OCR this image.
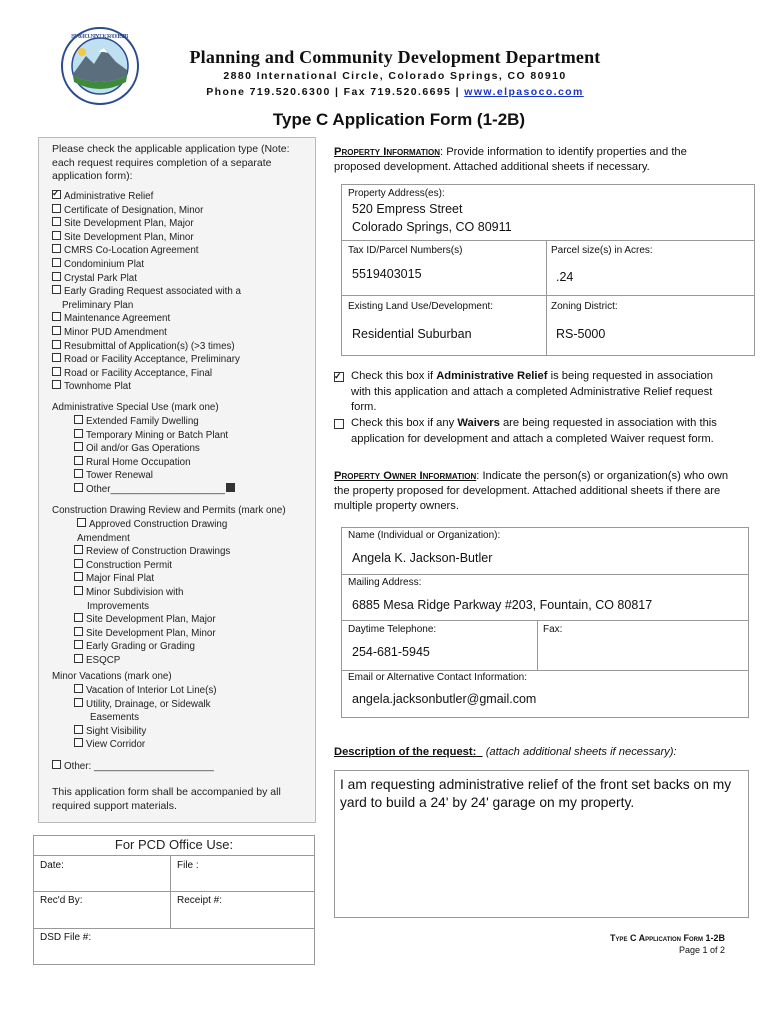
EL PASO COUNTY COLORADO EST. 1861
Planning and Community Development Department
2880 International Circle, Colorado Springs, CO 80910
Phone 719.520.6300 | Fax 719.520.6695 | www.elpasoco.com
Type C Application Form (1-2B)
Please check the applicable application type (Note: each request requires completion of a separate application form):
✓Administrative Relief
Certificate of Designation, Minor
Site Development Plan, Major
Site Development Plan, Minor
CMRS Co-Location Agreement
Condominium Plat
Crystal Park Plat
Early Grading Request associated with a Preliminary Plan
Maintenance Agreement
Minor PUD Amendment
Resubmittal of Application(s) (>3 times)
Road or Facility Acceptance, Preliminary
Road or Facility Acceptance, Final
Townhome Plat
Administrative Special Use (mark one)
Extended Family Dwelling
Temporary Mining or Batch Plant
Oil and/or Gas Operations
Rural Home Occupation
Tower Renewal
Other_____________________
Construction Drawing Review and Permits (mark one)
Approved Construction Drawing Amendment
Review of Construction Drawings
Construction Permit
Major Final Plat
Minor Subdivision with Improvements
Site Development Plan, Major
Site Development Plan, Minor
Early Grading or Grading
ESQCP
Minor Vacations (mark one)
Vacation of Interior Lot Line(s)
Utility, Drainage, or Sidewalk Easements
Sight Visibility
View Corridor
Other: ______________________
This application form shall be accompanied by all required support materials.
For PCD Office Use:
Date:	File :
Rec'd By:	Receipt #:
DSD File #:
Property Information: Provide information to identify properties and the proposed development. Attached additional sheets if necessary.
Property Address(es):
520 Empress Street
Colorado Springs, CO 80911
Tax ID/Parcel Numbers(s)
5519403015
Parcel size(s) in Acres:
.24
Existing Land Use/Development:
Residential Suburban
Zoning District:
RS-5000
✓
Check this box if Administrative Relief is being requested in association with this application and attach a completed Administrative Relief request form.
Check this box if any Waivers are being requested in association with this application for development and attach a completed Waiver request form.
Property Owner Information: Indicate the person(s) or organization(s) who own the property proposed for development. Attached additional sheets if there are multiple property owners.
Name (Individual or Organization):
Angela K. Jackson-Butler
Mailing Address:
6885 Mesa Ridge Parkway #203, Fountain, CO 80817
Daytime Telephone:
254-681-5945
Fax:
Email or Alternative Contact Information:
angela.jacksonbutler@gmail.com
Description of the request: (attach additional sheets if necessary):
I am requesting administrative relief of the front set backs on my yard to build a 24' by 24' garage on my property.
Type C Application Form 1-2B
Page 1 of 2
